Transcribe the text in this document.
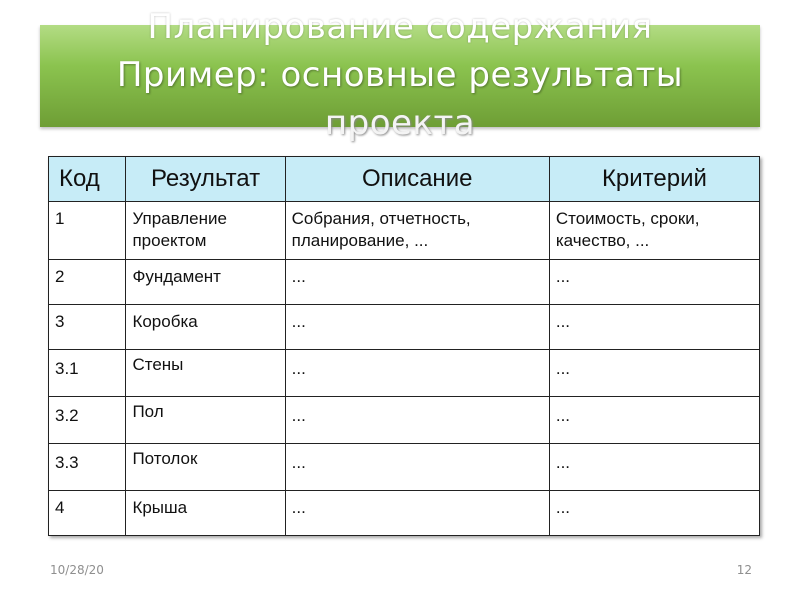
Планирование содержания
Пример: основные результаты
проекта
Код	Результат	Описание	Критерий
1	Управление проектом	Собрания, отчетность, планирование, ...	Стоимость, сроки, качество, ...
2	Фундамент	...	...
3	Коробка	...	...
3.1	Стены	...	...
3.2	Пол	...	...
3.3	Потолок	...	...
4	Крыша	...	...
10/28/20	12
